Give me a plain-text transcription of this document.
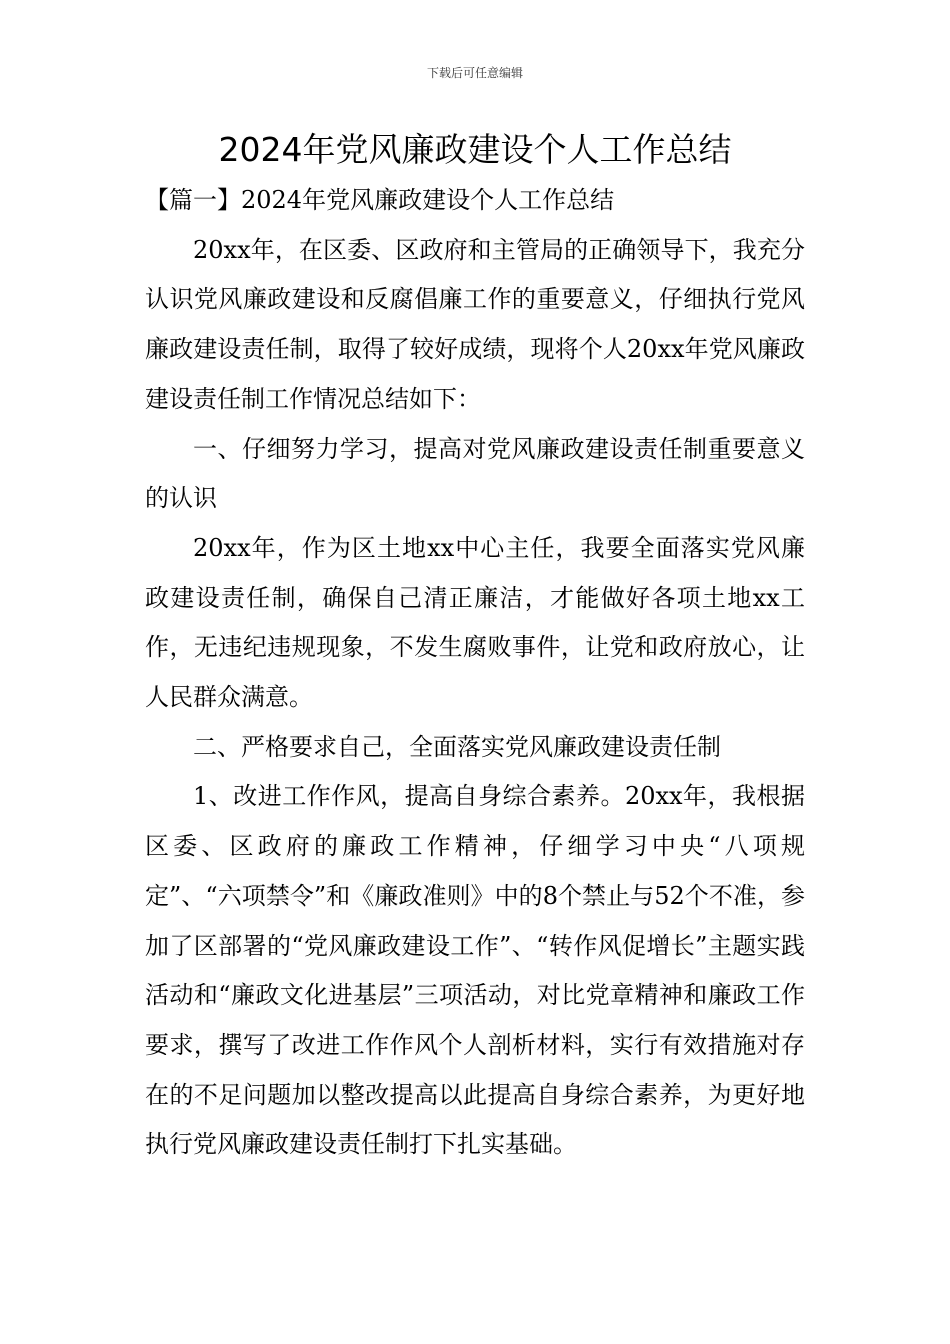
下载后可任意编辑
2024年党风廉政建设个人工作总结

【篇一】2024年党风廉政建设个人工作总结

20xx年，在区委、区政府和主管局的正确领导下，我充分认识党风廉政建设和反腐倡廉工作的重要意义，仔细执行党风廉政建设责任制，取得了较好成绩，现将个人20xx年党风廉政建设责任制工作情况总结如下：

一、仔细努力学习，提高对党风廉政建设责任制重要意义的认识

20xx年，作为区土地xx中心主任，我要全面落实党风廉政建设责任制，确保自己清正廉洁，才能做好各项土地xx工作，无违纪违规现象，不发生腐败事件，让党和政府放心，让人民群众满意。

二、严格要求自己，全面落实党风廉政建设责任制

1、改进工作作风，提高自身综合素养。20xx年，我根据区委、区政府的廉政工作精神，仔细学习中央“八项规定”、“六项禁令”和《廉政准则》中的8个禁止与52个不准，参加了区部署的“党风廉政建设工作”、“转作风促增长”主题实践活动和“廉政文化进基层”三项活动，对比党章精神和廉政工作要求，撰写了改进工作作风个人剖析材料，实行有效措施对存在的不足问题加以整改提高以此提高自身综合素养，为更好地执行党风廉政建设责任制打下扎实基础。
